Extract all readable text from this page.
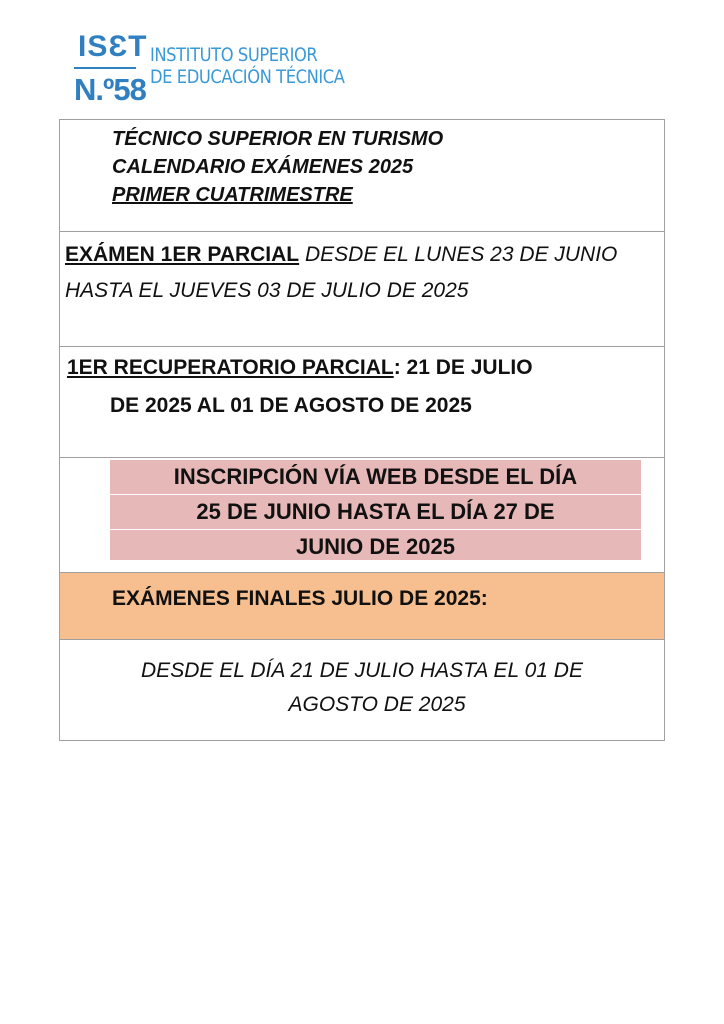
ISƐT
N.º58
INSTITUTO SUPERIOR
DE EDUCACIÓN TÉCNICA
TÉCNICO SUPERIOR EN TURISMO
CALENDARIO EXÁMENES 2025
PRIMER CUATRIMESTRE
EXÁMEN 1ER PARCIAL DESDE EL LUNES 23 DE JUNIO HASTA EL JUEVES 03 DE JULIO DE 2025
1ER RECUPERATORIO PARCIAL: 21 DE JULIO
DE 2025 AL 01 DE AGOSTO DE 2025
INSCRIPCIÓN VÍA WEB DESDE EL DÍA
25 DE JUNIO HASTA EL DÍA 27 DE
JUNIO DE 2025
EXÁMENES FINALES JULIO DE 2025:
DESDE EL DÍA 21 DE JULIO HASTA EL 01 DE
AGOSTO DE 2025
